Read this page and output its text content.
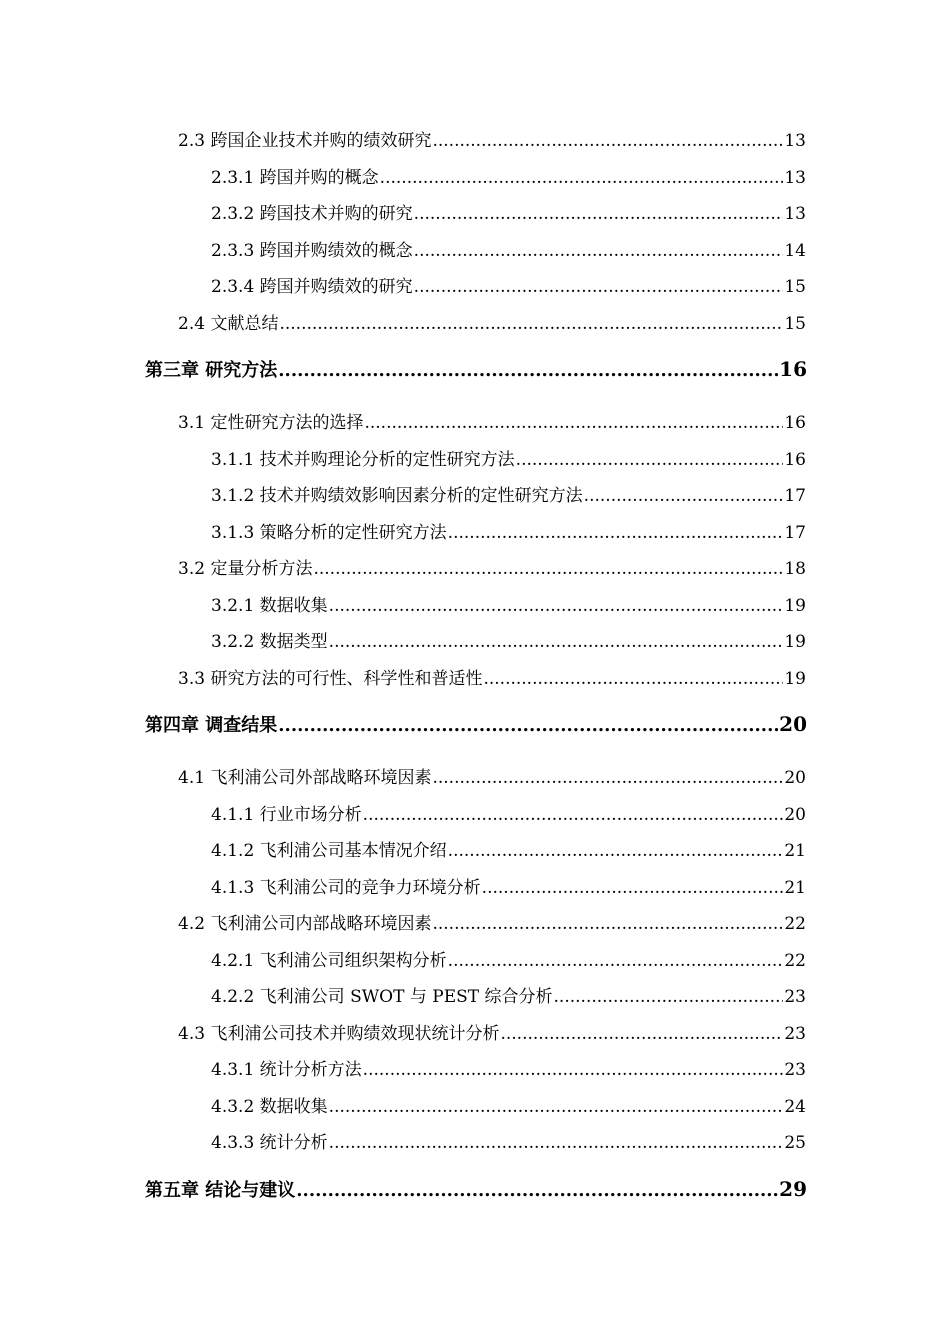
2.3 跨国企业技术并购的绩效研究 .....	13
2.3.1 跨国并购的概念 .....	13
2.3.2 跨国技术并购的研究 .....	13
2.3.3 跨国并购绩效的概念 .....	14
2.3.4 跨国并购绩效的研究 .....	15
2.4 文献总结 .....	15
第三章 研究方法 .....	16
3.1 定性研究方法的选择 .....	16
3.1.1 技术并购理论分析的定性研究方法 .....	16
3.1.2 技术并购绩效影响因素分析的定性研究方法 .....	17
3.1.3 策略分析的定性研究方法 .....	17
3.2 定量分析方法 .....	18
3.2.1 数据收集 .....	19
3.2.2 数据类型 .....	19
3.3 研究方法的可行性、科学性和普适性 .....	19
第四章 调查结果 .....	20
4.1 飞利浦公司外部战略环境因素 .....	20
4.1.1 行业市场分析 .....	20
4.1.2 飞利浦公司基本情况介绍 .....	21
4.1.3 飞利浦公司的竞争力环境分析 .....	21
4.2 飞利浦公司内部战略环境因素 .....	22
4.2.1 飞利浦公司组织架构分析 .....	22
4.2.2 飞利浦公司 SWOT 与 PEST 综合分析 .....	23
4.3 飞利浦公司技术并购绩效现状统计分析 .....	23
4.3.1 统计分析方法 .....	23
4.3.2 数据收集 .....	24
4.3.3 统计分析 .....	25
第五章 结论与建议 .....	29
